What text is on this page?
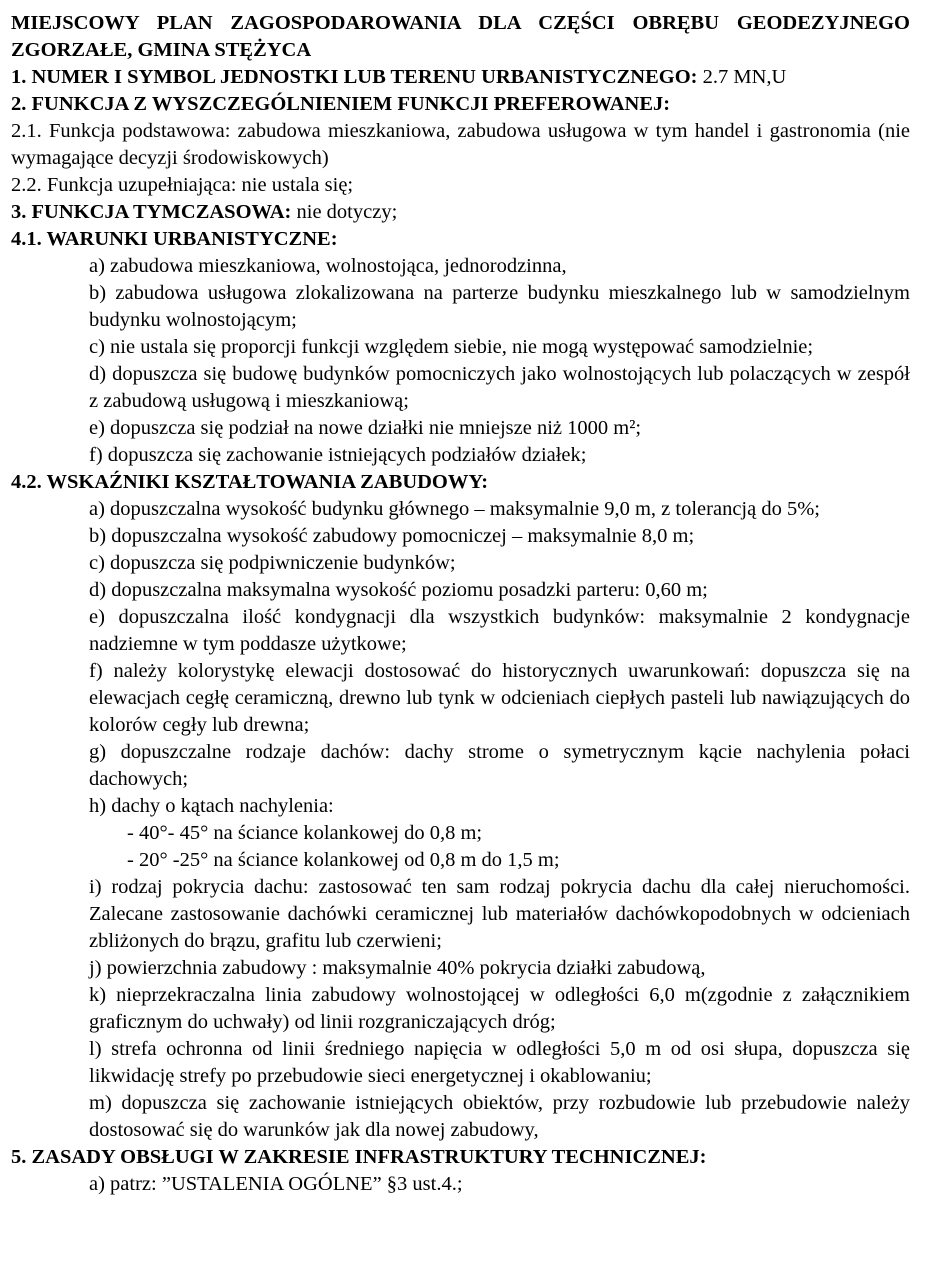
MIEJSCOWY PLAN ZAGOSPODAROWANIA DLA CZĘŚCI OBRĘBU GEODEZYJNEGO ZGORZAŁE, GMINA STĘŻYCA

1. NUMER I SYMBOL JEDNOSTKI LUB TERENU URBANISTYCZNEGO: 2.7 MN,U

2. FUNKCJA Z WYSZCZEGÓLNIENIEM FUNKCJI PREFEROWANEJ:

2.1. Funkcja podstawowa: zabudowa mieszkaniowa, zabudowa usługowa w tym handel i gastronomia (nie wymagające decyzji środowiskowych)

2.2. Funkcja uzupełniająca: nie ustala się;

3. FUNKCJA TYMCZASOWA: nie dotyczy;

4.1. WARUNKI URBANISTYCZNE:

a) zabudowa mieszkaniowa, wolnostojąca, jednorodzinna,

b) zabudowa usługowa zlokalizowana na parterze budynku mieszkalnego lub w samodzielnym budynku wolnostojącym;

c) nie ustala się proporcji funkcji względem siebie, nie mogą występować samodzielnie;

d) dopuszcza się budowę budynków pomocniczych jako wolnostojących lub polaczących w zespół z zabudową usługową i mieszkaniową;

e) dopuszcza się podział na nowe działki nie mniejsze niż 1000 m²;

f) dopuszcza się zachowanie istniejących podziałów działek;

4.2. WSKAŹNIKI KSZTAŁTOWANIA ZABUDOWY:

a) dopuszczalna wysokość budynku głównego – maksymalnie 9,0 m, z tolerancją do 5%;

b) dopuszczalna wysokość zabudowy pomocniczej – maksymalnie 8,0 m;

c) dopuszcza się podpiwniczenie budynków;

d) dopuszczalna maksymalna wysokość poziomu posadzki parteru: 0,60 m;

e) dopuszczalna ilość kondygnacji dla wszystkich budynków: maksymalnie 2 kondygnacje nadziemne w tym poddasze użytkowe;

f) należy kolorystykę elewacji dostosować do historycznych uwarunkowań: dopuszcza się na elewacjach cegłę ceramiczną, drewno lub tynk w odcieniach ciepłych pasteli lub nawiązujących do kolorów cegły lub drewna;

g) dopuszczalne rodzaje dachów: dachy strome o symetrycznym kącie nachylenia połaci dachowych;

h) dachy o kątach nachylenia:

- 40°- 45° na ściance kolankowej do 0,8 m;

- 20° -25° na ściance kolankowej od 0,8 m do 1,5 m;

i) rodzaj pokrycia dachu: zastosować ten sam rodzaj pokrycia dachu dla całej nieruchomości. Zalecane zastosowanie dachówki ceramicznej lub materiałów dachówkopodobnych w odcieniach zbliżonych do brązu, grafitu lub czerwieni;

j) powierzchnia zabudowy : maksymalnie 40% pokrycia działki zabudową,

k) nieprzekraczalna linia zabudowy wolnostojącej w odległości 6,0 m(zgodnie z załącznikiem graficznym do uchwały) od linii rozgraniczających dróg;

l) strefa ochronna od linii średniego napięcia w odległości 5,0 m od osi słupa, dopuszcza się likwidację strefy po przebudowie sieci energetycznej i okablowaniu;

m) dopuszcza się zachowanie istniejących obiektów, przy rozbudowie lub przebudowie należy dostosować się do warunków jak dla nowej zabudowy,

5. ZASADY OBSŁUGI W ZAKRESIE INFRASTRUKTURY TECHNICZNEJ:

a) patrz: ”USTALENIA OGÓLNE” §3 ust.4.;
